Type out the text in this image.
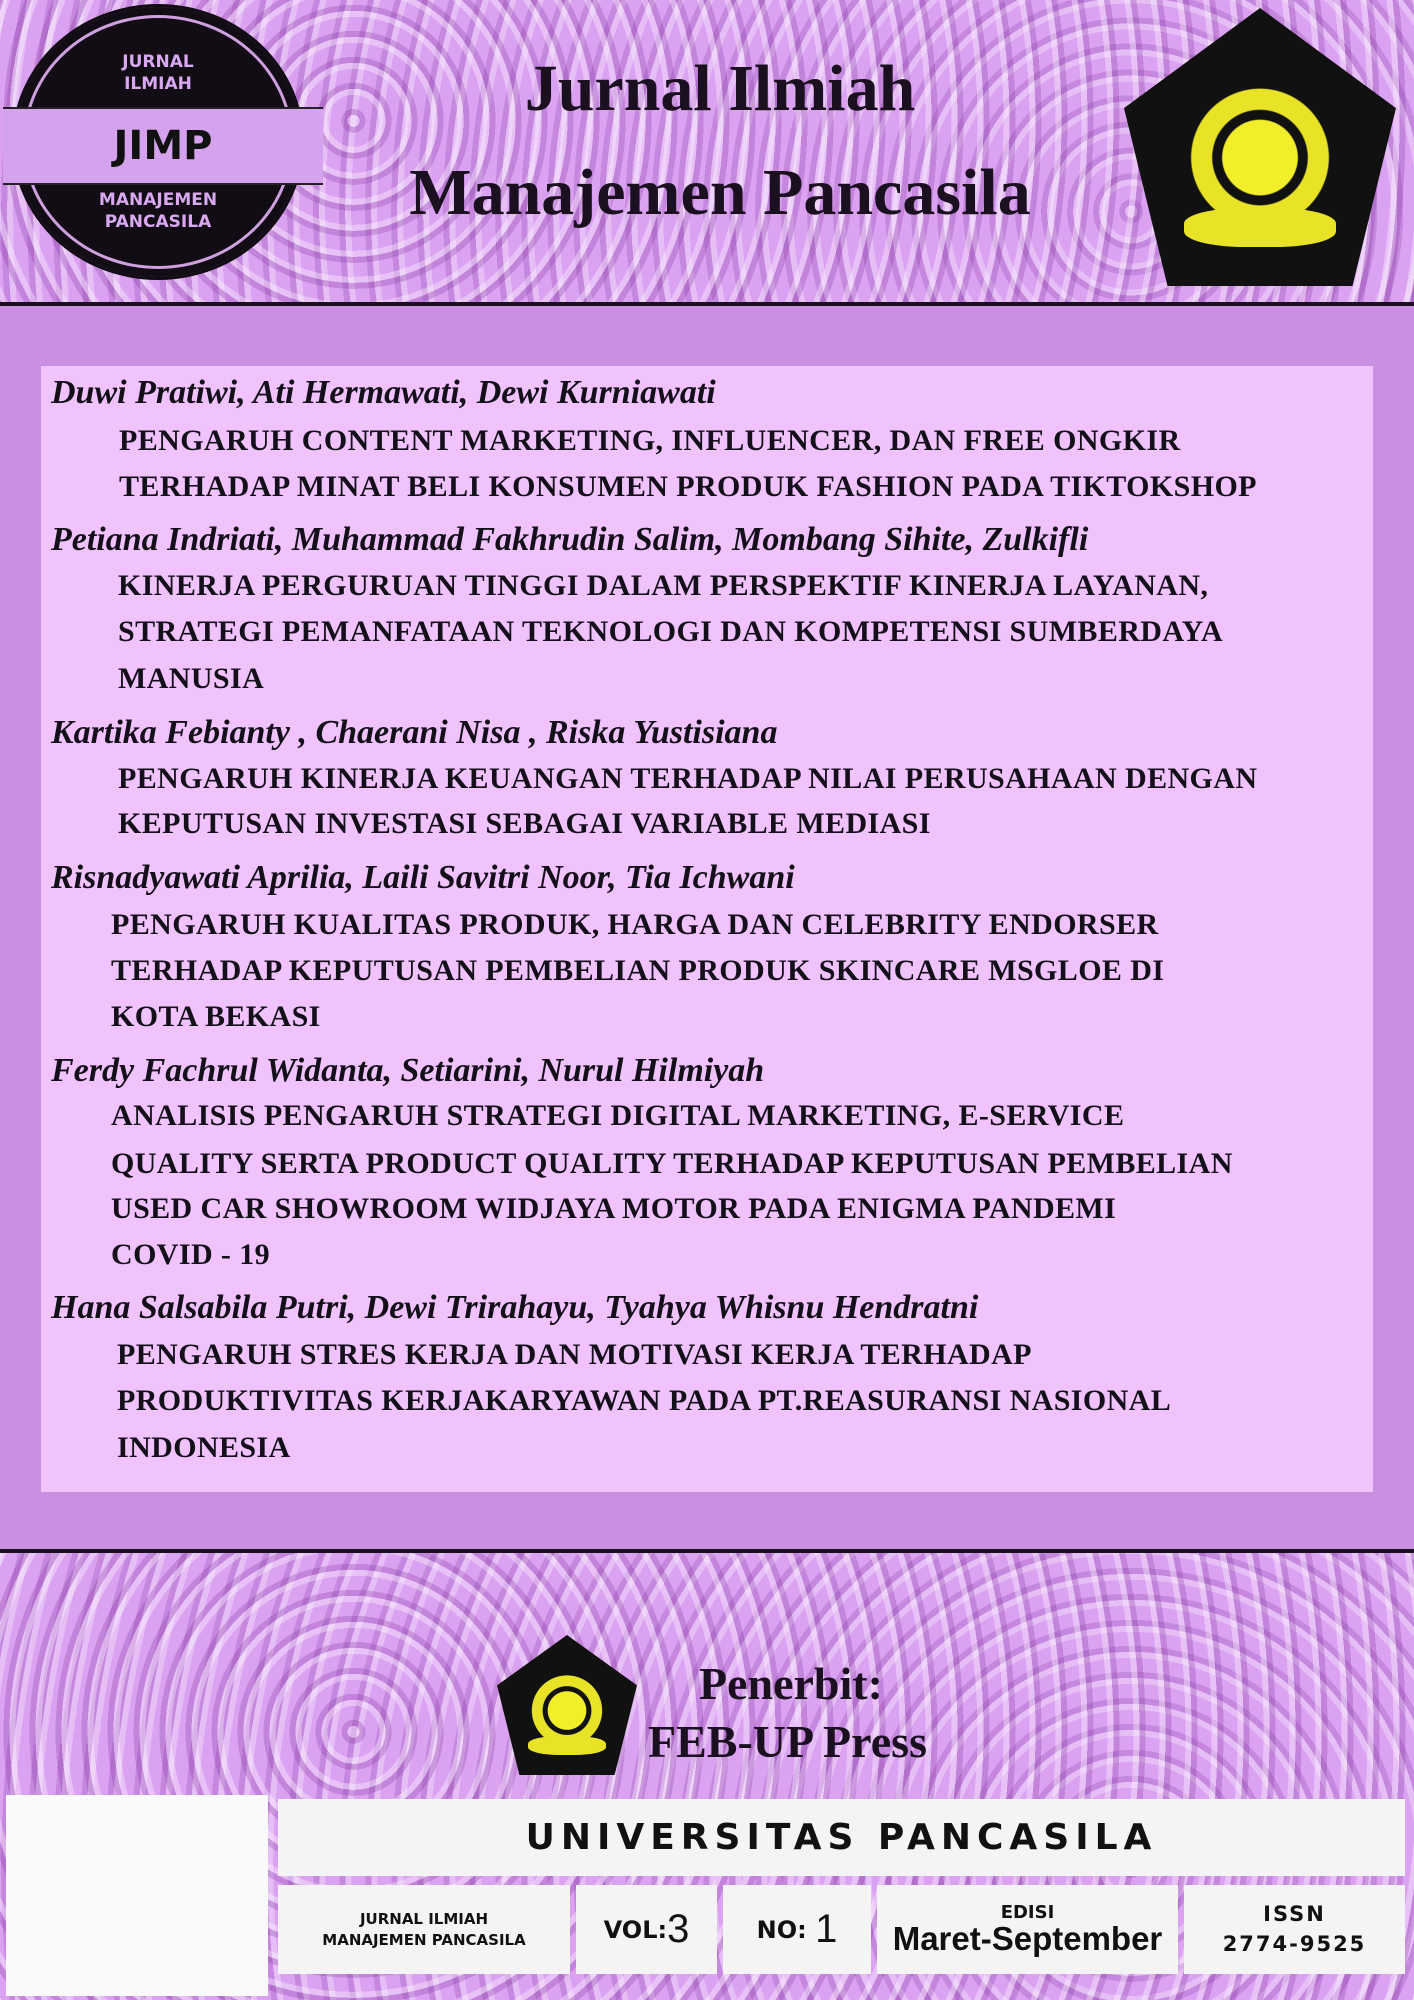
JURNAL
ILMIAH
JIMP
MANAJEMEN
PANCASILA
Jurnal Ilmiah
Manajemen Pancasila
Duwi Pratiwi, Ati Hermawati, Dewi Kurniawati
PENGARUH CONTENT MARKETING, INFLUENCER, DAN FREE ONGKIR
TERHADAP MINAT BELI KONSUMEN PRODUK FASHION PADA TIKTOKSHOP
Petiana Indriati, Muhammad Fakhrudin Salim, Mombang Sihite, Zulkifli
KINERJA PERGURUAN TINGGI DALAM PERSPEKTIF KINERJA LAYANAN,
STRATEGI PEMANFATAAN TEKNOLOGI DAN KOMPETENSI SUMBERDAYA
MANUSIA
Kartika Febianty , Chaerani Nisa , Riska Yustisiana
PENGARUH KINERJA KEUANGAN TERHADAP NILAI PERUSAHAAN DENGAN
KEPUTUSAN INVESTASI SEBAGAI VARIABLE MEDIASI
Risnadyawati Aprilia, Laili Savitri Noor, Tia Ichwani
PENGARUH KUALITAS PRODUK, HARGA DAN CELEBRITY ENDORSER
TERHADAP KEPUTUSAN PEMBELIAN PRODUK SKINCARE MSGLOE DI
KOTA BEKASI
Ferdy Fachrul Widanta, Setiarini, Nurul Hilmiyah
ANALISIS PENGARUH STRATEGI DIGITAL MARKETING, E-SERVICE
QUALITY SERTA PRODUCT QUALITY TERHADAP KEPUTUSAN PEMBELIAN
USED CAR SHOWROOM WIDJAYA MOTOR PADA ENIGMA PANDEMI
COVID - 19
Hana Salsabila Putri, Dewi Trirahayu, Tyahya Whisnu Hendratni
PENGARUH STRES KERJA DAN MOTIVASI KERJA TERHADAP
PRODUKTIVITAS KERJAKARYAWAN PADA PT.REASURANSI NASIONAL
INDONESIA
Penerbit:
FEB-UP Press
UNIVERSITAS PANCASILA
JURNAL ILMIAH
MANAJEMEN PANCASILA	VOL: 3	NO:
1	EDISI
Maret-September
ISSN
2774-9525
